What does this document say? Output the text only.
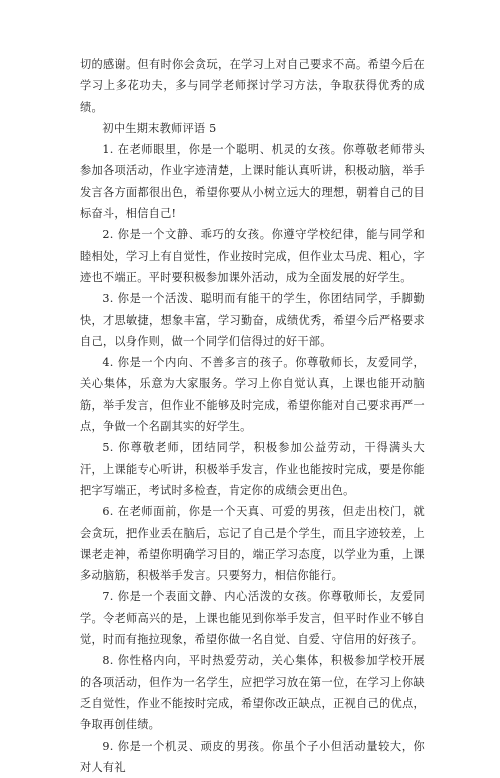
切的感谢。但有时你会贪玩，在学习上对自己要求不高。希望今后在学习上多花功夫，多与同学老师探讨学习方法，争取获得优秀的成绩。

初中生期末教师评语 5

1. 在老师眼里，你是一个聪明、机灵的女孩。你尊敬老师带头参加各项活动，作业字迹清楚，上课时能认真听讲，积极动脑，举手发言各方面都很出色，希望你要从小树立远大的理想，朝着自己的目标奋斗，相信自己!

2. 你是一个文静、乖巧的女孩。你遵守学校纪律，能与同学和睦相处，学习上有自觉性，作业按时完成，但作业太马虎、粗心，字迹也不端正。平时要积极参加课外活动，成为全面发展的好学生。

3. 你是一个活泼、聪明而有能干的学生，你团结同学，手脚勤快，才思敏捷，想象丰富，学习勤奋，成绩优秀，希望今后严格要求自己，以身作则，做一个同学们信得过的好干部。

4. 你是一个内向、不善多言的孩子。你尊敬师长，友爱同学，关心集体，乐意为大家服务。学习上你自觉认真，上课也能开动脑筋，举手发言，但作业不能够及时完成，希望你能对自己要求再严一点，争做一个名副其实的好学生。

5. 你尊敬老师，团结同学，积极参加公益劳动，干得满头大汗，上课能专心听讲，积极举手发言，作业也能按时完成，要是你能把字写端正，考试时多检查，肯定你的成绩会更出色。

6. 在老师面前，你是一个天真、可爱的男孩，但走出校门，就会贪玩，把作业丢在脑后，忘记了自己是个学生，而且字迹较差，上课老走神，希望你明确学习目的，端正学习态度，以学业为重，上课多动脑筋，积极举手发言。只要努力，相信你能行。

7. 你是一个表面文静、内心活泼的女孩。你尊敬师长，友爱同学。令老师高兴的是，上课也能见到你举手发言，但平时作业不够自觉，时而有拖拉现象，希望你做一名自觉、自爱、守信用的好孩子。

8. 你性格内向，平时热爱劳动，关心集体，积极参加学校开展的各项活动，但作为一名学生，应把学习放在第一位，在学习上你缺乏自觉性，作业不能按时完成，希望你改正缺点，正视自己的优点，争取再创佳绩。

9. 你是一个机灵、顽皮的男孩。你虽个子小但活动量较大，你对人有礼
